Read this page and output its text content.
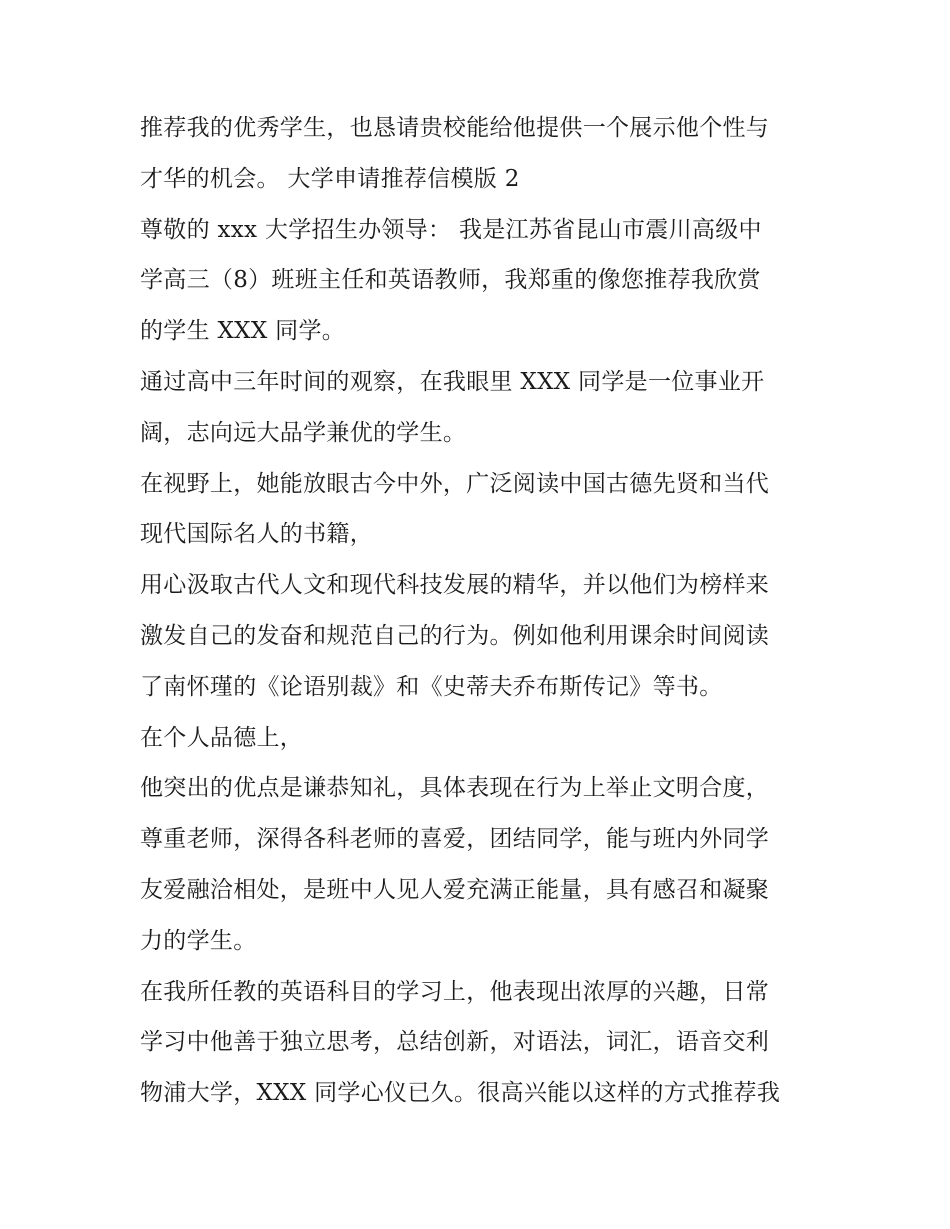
推荐我的优秀学生，也恳请贵校能给他提供一个展示他个性与
才华的机会。 大学申请推荐信模版 2
尊敬的 xxx 大学招生办领导： 我是江苏省昆山市震川高级中
学高三（8）班班主任和英语教师，我郑重的像您推荐我欣赏
的学生 XXX 同学。
通过高中三年时间的观察，在我眼里 XXX 同学是一位事业开
阔，志向远大品学兼优的学生。
在视野上，她能放眼古今中外，广泛阅读中国古德先贤和当代
现代国际名人的书籍，
用心汲取古代人文和现代科技发展的精华，并以他们为榜样来
激发自己的发奋和规范自己的行为。例如他利用课余时间阅读
了南怀瑾的《论语别裁》和《史蒂夫乔布斯传记》等书。
在个人品德上，
他突出的优点是谦恭知礼，具体表现在行为上举止文明合度，
尊重老师，深得各科老师的喜爱，团结同学，能与班内外同学
友爱融洽相处，是班中人见人爱充满正能量，具有感召和凝聚
力的学生。
在我所任教的英语科目的学习上，他表现出浓厚的兴趣，日常
学习中他善于独立思考，总结创新，对语法，词汇，语音交利
物浦大学，XXX 同学心仪已久。很高兴能以这样的方式推荐我
